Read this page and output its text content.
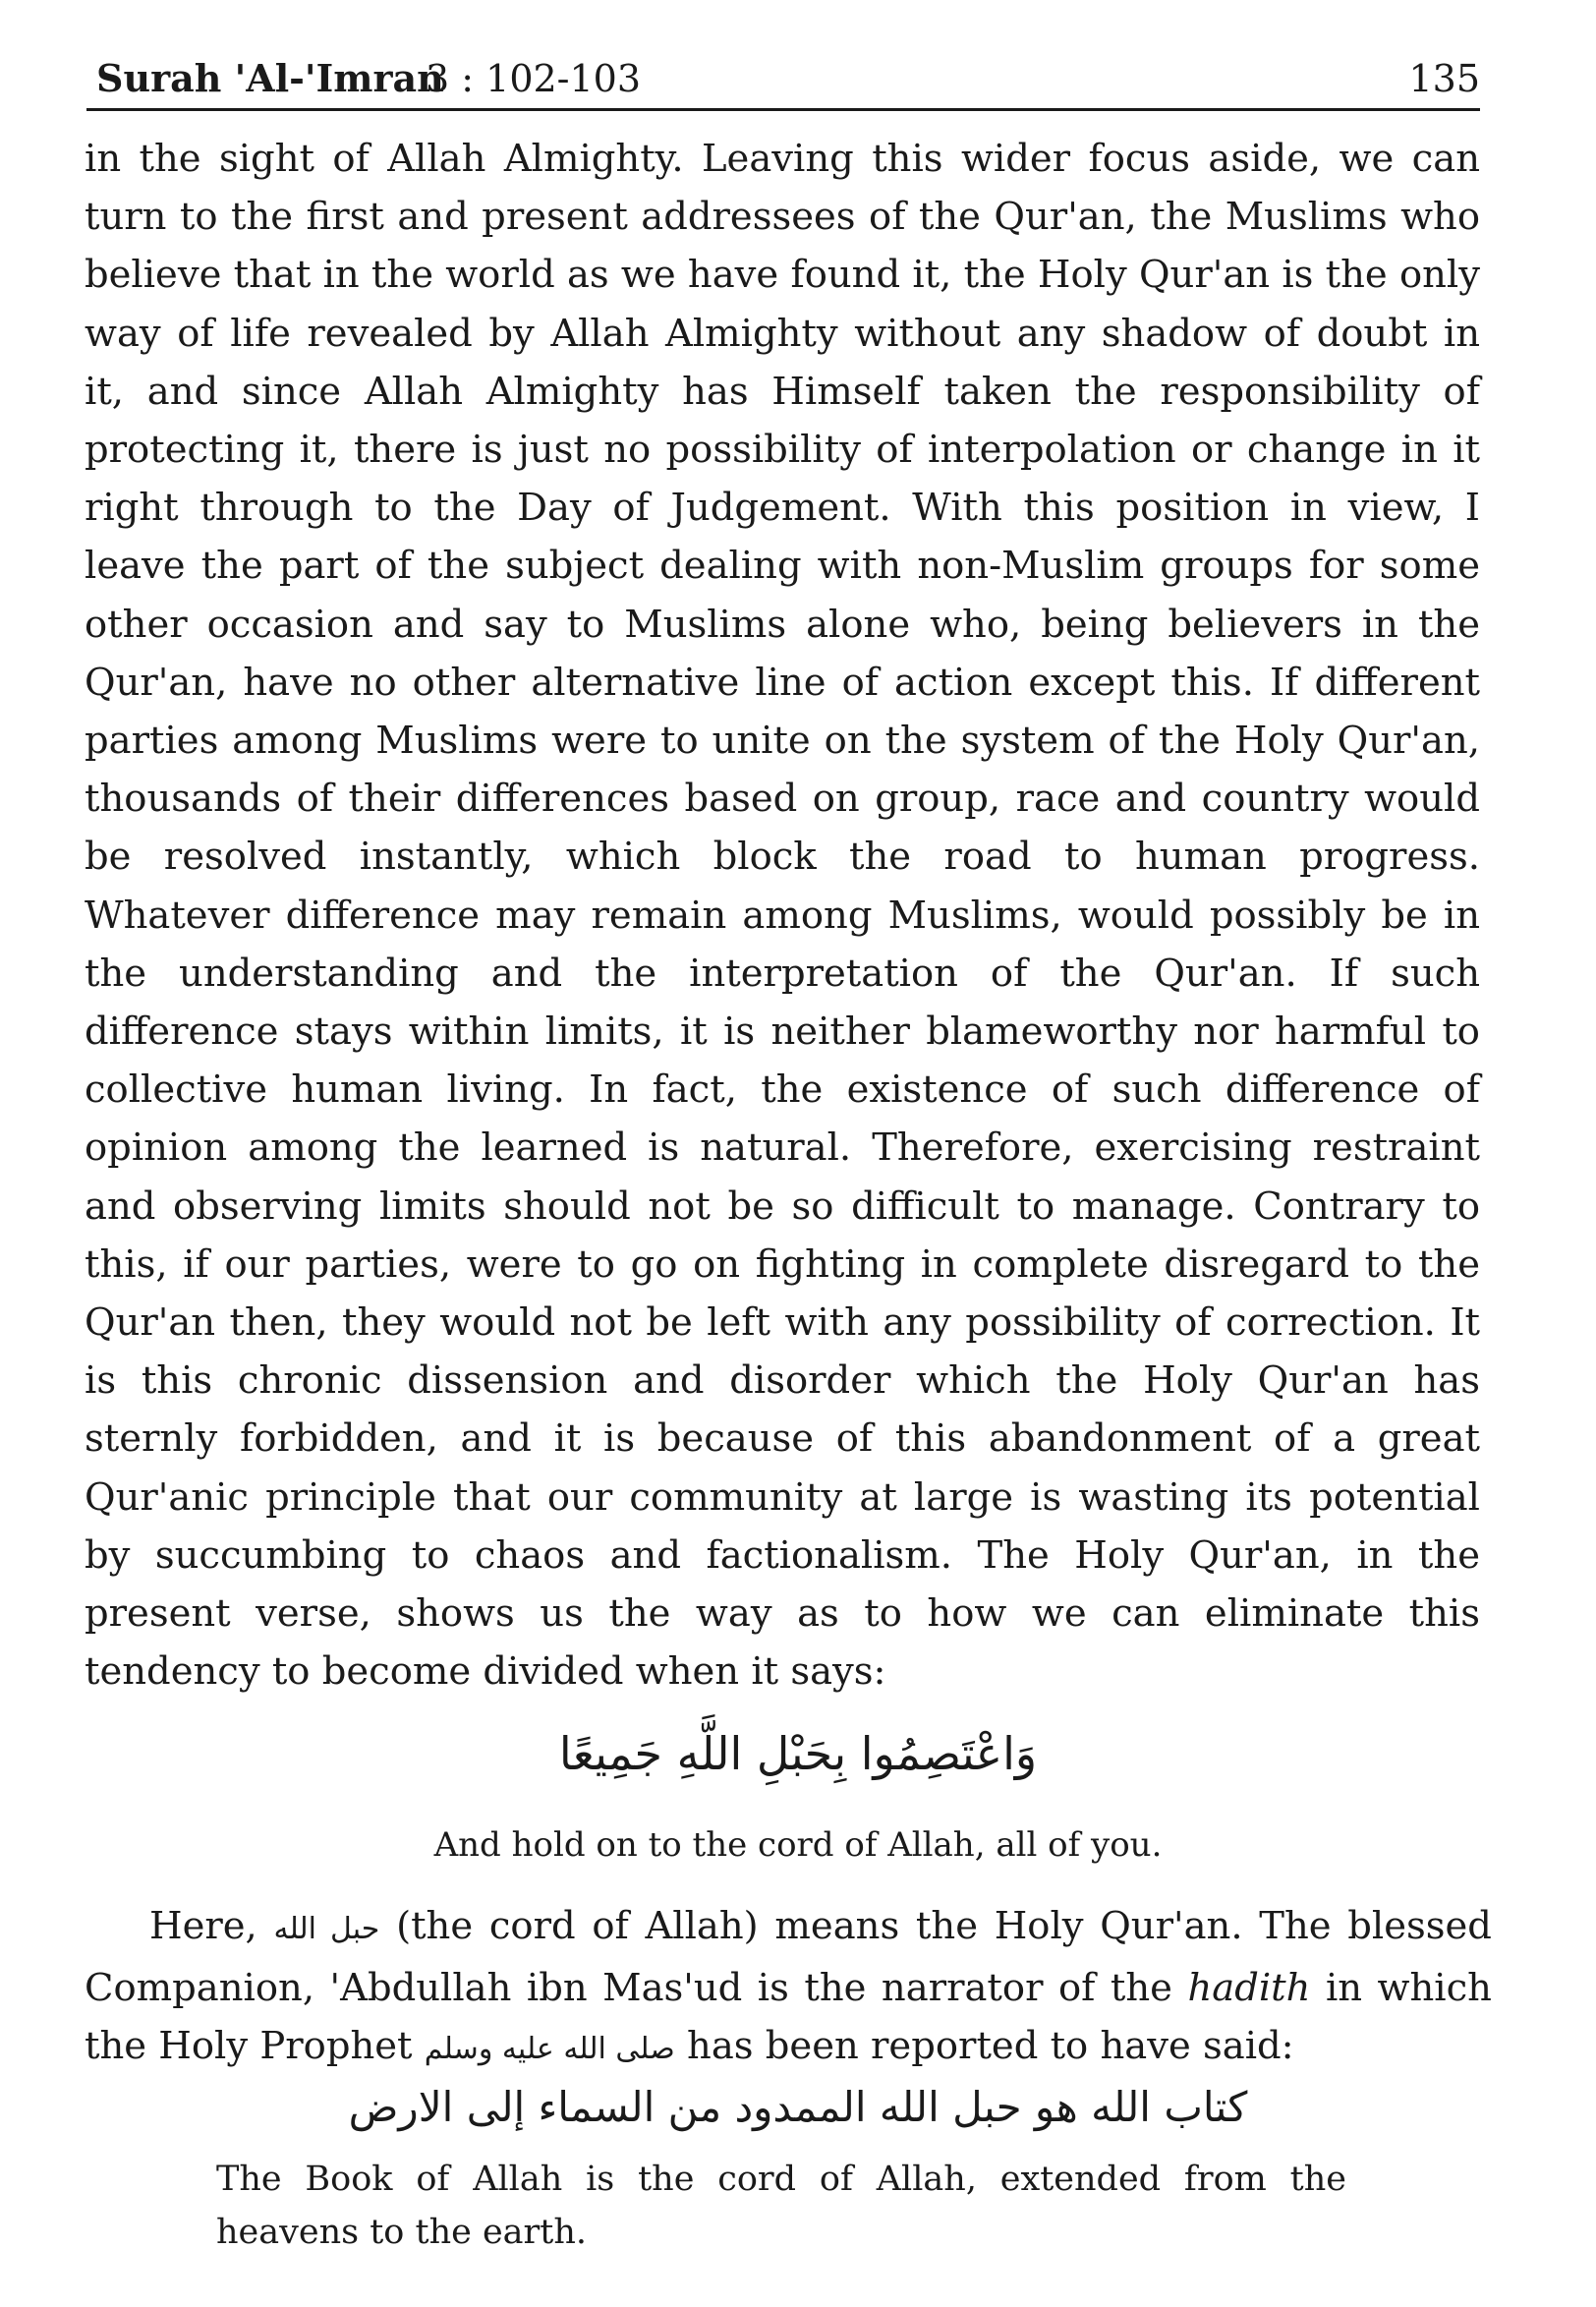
Surah 'Al-'Imran
3 : 102-103	135

in the sight of Allah Almighty. Leaving this wider focus aside, we can turn to the first and present addressees of the Qur'an, the Muslims who believe that in the world as we have found it, the Holy Qur'an is the only way of life revealed by Allah Almighty without any shadow of doubt in it, and since Allah Almighty has Himself taken the responsibility of protecting it, there is just no possibility of interpolation or change in it right through to the Day of Judgement. With this position in view, I leave the part of the subject dealing with non-Muslim groups for some other occasion and say to Muslims alone who, being believers in the Qur'an, have no other alternative line of action except this. If different parties among Muslims were to unite on the system of the Holy Qur'an, thousands of their differences based on group, race and country would be resolved instantly, which block the road to human progress. Whatever difference may remain among Muslims, would possibly be in the understanding and the interpretation of the Qur'an. If such difference stays within limits, it is neither blameworthy nor harmful to collective human living. In fact, the existence of such difference of opinion among the learned is natural. Therefore, exercising restraint and observing limits should not be so difficult to manage. Contrary to this, if our parties, were to go on fighting in complete disregard to the Qur'an then, they would not be left with any possibility of correction. It is this chronic dissension and disorder which the Holy Qur'an has sternly forbidden, and it is because of this abandonment of a great Qur'anic principle that our community at large is wasting its potential by succumbing to chaos and factionalism. The Holy Qur'an, in the present verse, shows us the way as to how we can eliminate this tendency to become divided when it says:

وَاعْتَصِمُوا بِحَبْلِ اللَّهِ جَمِيعًا
And hold on to the cord of Allah, all of you.

Here, حبل الله (the cord of Allah) means the Holy Qur'an. The blessed Companion, 'Abdullah ibn Mas'ud is the narrator of the hadith in which the Holy Prophet صلى الله عليه وسلم has been reported to have said:

كتاب الله هو حبل الله الممدود من السماء إلى الارض
The Book of Allah is the cord of Allah, extended from the
heavens to the earth.
